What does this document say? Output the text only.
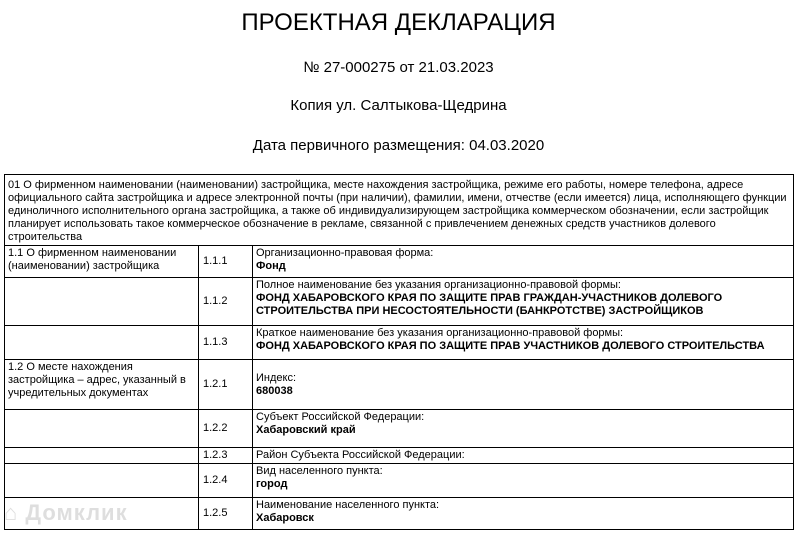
ПРОЕКТНАЯ ДЕКЛАРАЦИЯ
№ 27-000275 от 21.03.2023
Копия ул. Салтыкова-Щедрина
Дата первичного размещения: 04.03.2020
01 О фирменном наименовании (наименовании) застройщика, месте нахождения застройщика, режиме его работы, номере телефона, адресе официального сайта застройщика и адресе электронной почты (при наличии), фамилии, имени, отчестве (если имеется) лица, исполняющего функции единоличного исполнительного органа застройщика, а также об индивидуализирующем застройщика коммерческом обозначении, если застройщик планирует использовать такое коммерческое обозначение в рекламе, связанной с привлечением денежных средств участников долевого строительства		
1.1 О фирменном наименовании (наименовании) застройщика	1.1.1	Организационно-правовая форма:
Фонд

	1.1.2	Полное наименование без указания организационно-правовой формы:
ФОНД ХАБАРОВСКОГО КРАЯ ПО ЗАЩИТЕ ПРАВ ГРАЖДАН-УЧАСТНИКОВ ДОЛЕВОГО СТРОИТЕЛЬСТВА ПРИ НЕСОСТОЯТЕЛЬНОСТИ (БАНКРОТСТВЕ) ЗАСТРОЙЩИКОВ

	1.1.3	Краткое наименование без указания организационно-правовой формы:
ФОНД ХАБАРОВСКОГО КРАЯ ПО ЗАЩИТЕ ПРАВ УЧАСТНИКОВ ДОЛЕВОГО СТРОИТЕЛЬСТВА

1.2 О месте нахождения застройщика – адрес, указанный в учредительных документах	1.2.1	Индекс:
680038

	1.2.2	Субъект Российской Федерации:
Хабаровский край

	1.2.3	Район Субъекта Российской Федерации:

	1.2.4	Вид населенного пункта:
город

	1.2.5	Наименование населенного пункта:
Хабаровск
⌂ Домклик
